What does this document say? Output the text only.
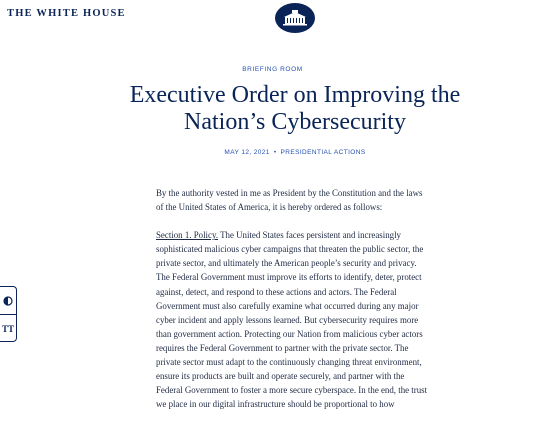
THE WHITE HOUSE
BRIEFING ROOM
Executive Order on Improving the Nation’s Cybersecurity
MAY 12, 2021 • PRESIDENTIAL ACTIONS

By the authority vested in me as President by the Constitution and the laws of the United States of America, it is hereby ordered as follows:

Section 1. Policy. The United States faces persistent and increasingly sophisticated malicious cyber campaigns that threaten the public sector, the private sector, and ultimately the American people’s security and privacy. The Federal Government must improve its efforts to identify, deter, protect against, detect, and respond to these actions and actors. The Federal Government must also carefully examine what occurred during any major cyber incident and apply lessons learned. But cybersecurity requires more than government action. Protecting our Nation from malicious cyber actors requires the Federal Government to partner with the private sector. The private sector must adapt to the continuously changing threat environment, ensure its products are built and operate securely, and partner with the Federal Government to foster a more secure cyberspace. In the end, the trust we place in our digital infrastructure should be proportional to how

TT
